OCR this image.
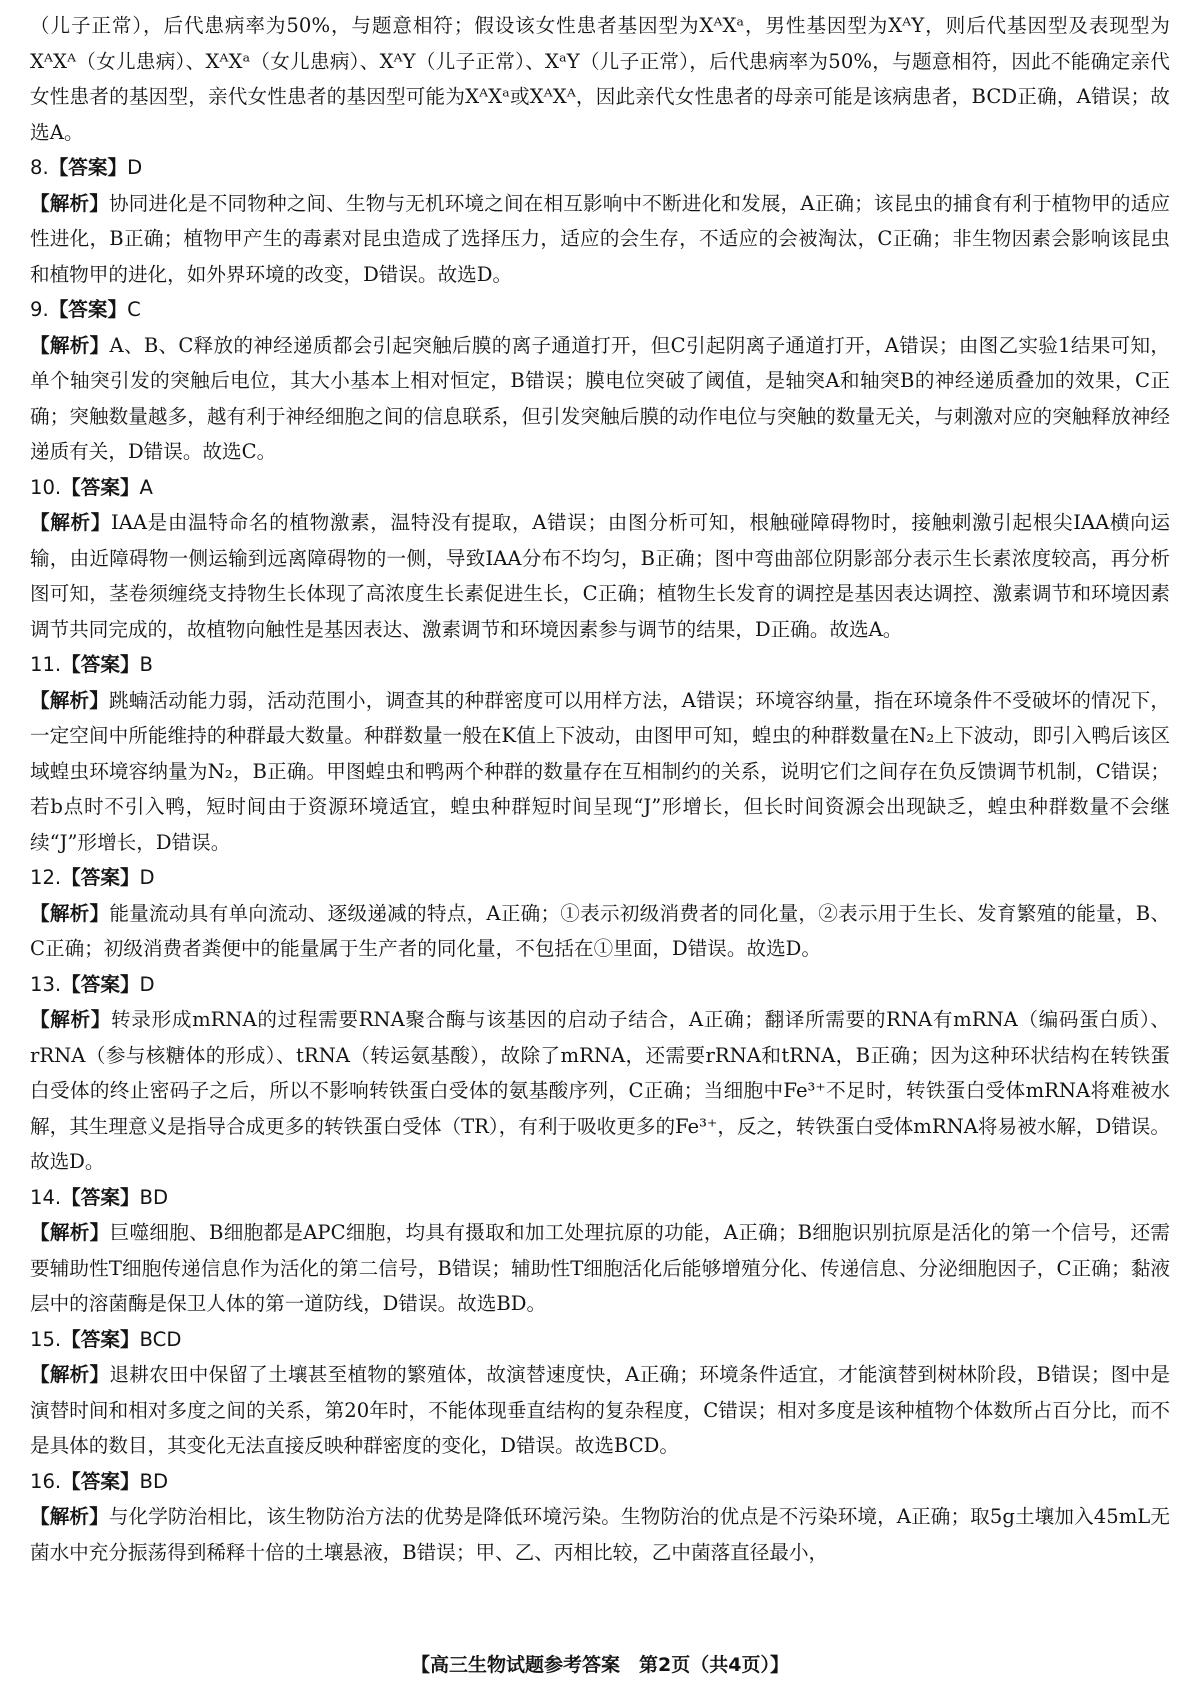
（儿子正常），后代患病率为50%，与题意相符；假设该女性患者基因型为XᴬXᵃ，男性基因型为XᴬY，则后代基因型及表现型为XᴬXᴬ（女儿患病）、XᴬXᵃ（女儿患病）、XᴬY（儿子正常）、XᵃY（儿子正常），后代患病率为50%，与题意相符，因此不能确定亲代女性患者的基因型，亲代女性患者的基因型可能为XᴬXᵃ或XᴬXᴬ，因此亲代女性患者的母亲可能是该病患者，BCD正确，A错误；故选A。

8.【答案】D

【解析】协同进化是不同物种之间、生物与无机环境之间在相互影响中不断进化和发展，A正确；该昆虫的捕食有利于植物甲的适应性进化，B正确；植物甲产生的毒素对昆虫造成了选择压力，适应的会生存，不适应的会被淘汰，C正确；非生物因素会影响该昆虫和植物甲的进化，如外界环境的改变，D错误。故选D。

9.【答案】C

【解析】A、B、C释放的神经递质都会引起突触后膜的离子通道打开，但C引起阴离子通道打开，A错误；由图乙实验1结果可知，单个轴突引发的突触后电位，其大小基本上相对恒定，B错误；膜电位突破了阈值，是轴突A和轴突B的神经递质叠加的效果，C正确；突触数量越多，越有利于神经细胞之间的信息联系，但引发突触后膜的动作电位与突触的数量无关，与刺激对应的突触释放神经递质有关，D错误。故选C。

10.【答案】A

【解析】IAA是由温特命名的植物激素，温特没有提取，A错误；由图分析可知，根触碰障碍物时，接触刺激引起根尖IAA横向运输，由近障碍物一侧运输到远离障碍物的一侧，导致IAA分布不均匀，B正确；图中弯曲部位阴影部分表示生长素浓度较高，再分析图可知，茎卷须缠绕支持物生长体现了高浓度生长素促进生长，C正确；植物生长发育的调控是基因表达调控、激素调节和环境因素调节共同完成的，故植物向触性是基因表达、激素调节和环境因素参与调节的结果，D正确。故选A。

11.【答案】B

【解析】跳蝻活动能力弱，活动范围小，调查其的种群密度可以用样方法，A错误；环境容纳量，指在环境条件不受破坏的情况下，一定空间中所能维持的种群最大数量。种群数量一般在K值上下波动，由图甲可知，蝗虫的种群数量在N₂上下波动，即引入鸭后该区域蝗虫环境容纳量为N₂，B正确。甲图蝗虫和鸭两个种群的数量存在互相制约的关系，说明它们之间存在负反馈调节机制，C错误；若b点时不引入鸭，短时间由于资源环境适宜，蝗虫种群短时间呈现“J”形增长，但长时间资源会出现缺乏，蝗虫种群数量不会继续“J”形增长，D错误。

12.【答案】D

【解析】能量流动具有单向流动、逐级递减的特点，A正确；①表示初级消费者的同化量，②表示用于生长、发育繁殖的能量，B、C正确；初级消费者粪便中的能量属于生产者的同化量，不包括在①里面，D错误。故选D。

13.【答案】D

【解析】转录形成mRNA的过程需要RNA聚合酶与该基因的启动子结合，A正确；翻译所需要的RNA有mRNA（编码蛋白质）、rRNA（参与核糖体的形成）、tRNA（转运氨基酸），故除了mRNA，还需要rRNA和tRNA，B正确；因为这种环状结构在转铁蛋白受体的终止密码子之后，所以不影响转铁蛋白受体的氨基酸序列，C正确；当细胞中Fe³⁺不足时，转铁蛋白受体mRNA将难被水解，其生理意义是指导合成更多的转铁蛋白受体（TR），有利于吸收更多的Fe³⁺，反之，转铁蛋白受体mRNA将易被水解，D错误。故选D。

14.【答案】BD

【解析】巨噬细胞、B细胞都是APC细胞，均具有摄取和加工处理抗原的功能，A正确；B细胞识别抗原是活化的第一个信号，还需要辅助性T细胞传递信息作为活化的第二信号，B错误；辅助性T细胞活化后能够增殖分化、传递信息、分泌细胞因子，C正确；黏液层中的溶菌酶是保卫人体的第一道防线，D错误。故选BD。

15.【答案】BCD

【解析】退耕农田中保留了土壤甚至植物的繁殖体，故演替速度快，A正确；环境条件适宜，才能演替到树林阶段，B错误；图中是演替时间和相对多度之间的关系，第20年时，不能体现垂直结构的复杂程度，C错误；相对多度是该种植物个体数所占百分比，而不是具体的数目，其变化无法直接反映种群密度的变化，D错误。故选BCD。

16.【答案】BD

【解析】与化学防治相比，该生物防治方法的优势是降低环境污染。生物防治的优点是不污染环境，A正确；取5g土壤加入45mL无菌水中充分振荡得到稀释十倍的土壤悬液，B错误；甲、乙、丙相比较，乙中菌落直径最小，

【高三生物试题参考答案　第2页（共4页）】
